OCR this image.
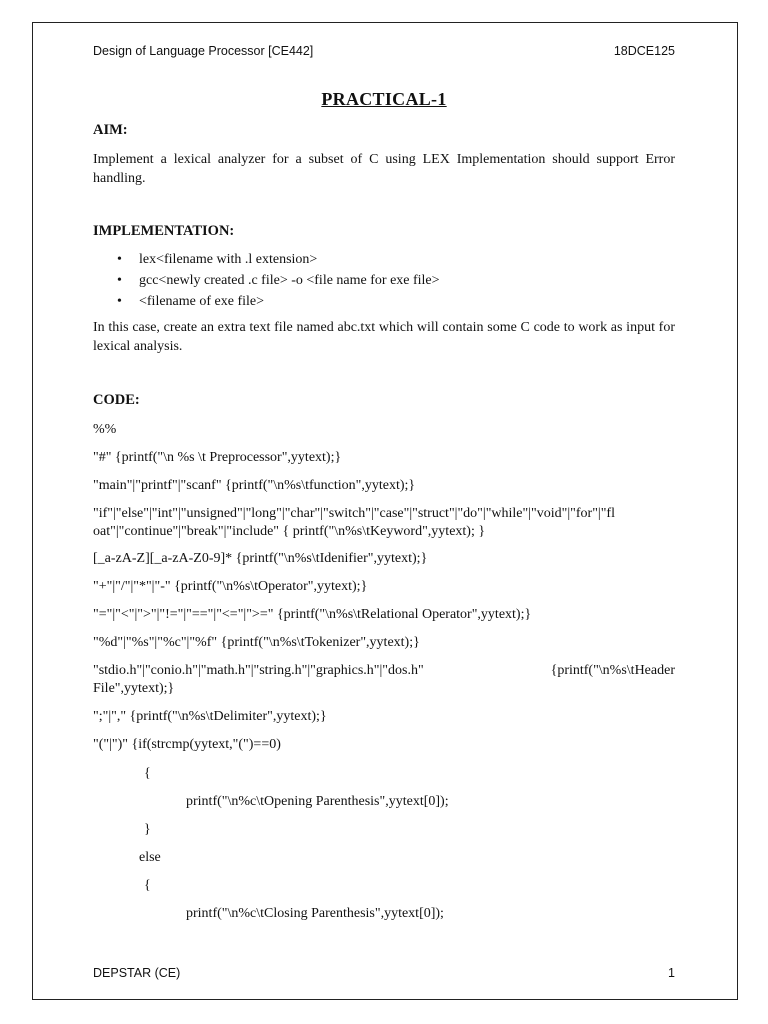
Design of Language Processor [CE442]	18DCE125
PRACTICAL-1
AIM:
Implement a lexical analyzer for a subset of C using LEX Implementation should support Error handling.
IMPLEMENTATION:
• lex<filename with .l extension>
• gcc<newly created .c file> -o <file name for exe file>
• <filename of exe file>
In this case, create an extra text file named abc.txt which will contain some C code to work as input for lexical analysis.
CODE:
%%
"#" {printf("\n %s \t Preprocessor",yytext);}
"main"|"printf"|"scanf" {printf("\n%s\tfunction",yytext);}
"if"|"else"|"int"|"unsigned"|"long"|"char"|"switch"|"case"|"struct"|"do"|"while"|"void"|"for"|"fl
oat"|"continue"|"break"|"include" { printf("\n%s\tKeyword",yytext); }
[_a-zA-Z][_a-zA-Z0-9]* {printf("\n%s\tIdenifier",yytext);}
"+"|"/"|"*"|"-" {printf("\n%s\tOperator",yytext);}
"="|"<"|">"|"!="|"=="|"<="|">=" {printf("\n%s\tRelational Operator",yytext);}
"%d"|"%s"|"%c"|"%f" {printf("\n%s\tTokenizer",yytext);}
"stdio.h"|"conio.h"|"math.h"|"string.h"|"graphics.h"|"dos.h"	{printf("\n%s\tHeader
File",yytext);}
";"|"," {printf("\n%s\tDelimiter",yytext);}
"("|")" {if(strcmp(yytext,"(")==0)
{
printf("\n%c\tOpening Parenthesis",yytext[0]);
}
else
{
printf("\n%c\tClosing Parenthesis",yytext[0]);
DEPSTAR (CE)	1
